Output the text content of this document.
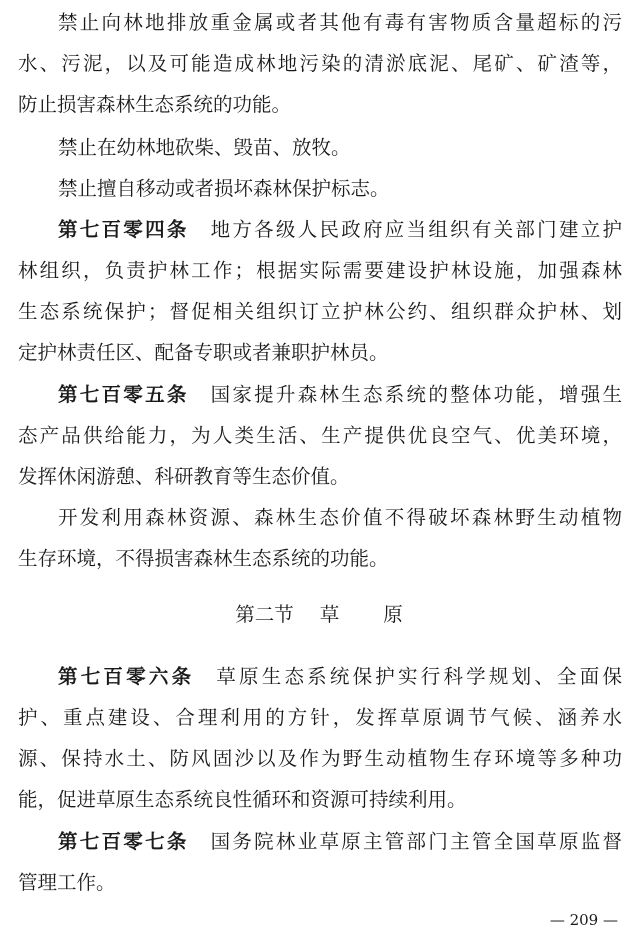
禁止向林地排放重金属或者其他有毒有害物质含量超标的污
水、污泥，以及可能造成林地污染的清淤底泥、尾矿、矿渣等，
防止损害森林生态系统的功能。
禁止在幼林地砍柴、毁苗、放牧。
禁止擅自移动或者损坏森林保护标志。
第七百零四条 地方各级人民政府应当组织有关部门建立护
林组织，负责护林工作；根据实际需要建设护林设施，加强森林
生态系统保护；督促相关组织订立护林公约、组织群众护林、划
定护林责任区、配备专职或者兼职护林员。
第七百零五条 国家提升森林生态系统的整体功能，增强生
态产品供给能力，为人类生活、生产提供优良空气、优美环境，
发挥休闲游憩、科研教育等生态价值。
开发利用森林资源、森林生态价值不得破坏森林野生动植物
生存环境，不得损害森林生态系统的功能。
第二节 草 原
第七百零六条 草原生态系统保护实行科学规划、全面保
护、重点建设、合理利用的方针，发挥草原调节气候、涵养水
源、保持水土、防风固沙以及作为野生动植物生存环境等多种功
能，促进草原生态系统良性循环和资源可持续利用。
第七百零七条 国务院林业草原主管部门主管全国草原监督
管理工作。
— 209 —
